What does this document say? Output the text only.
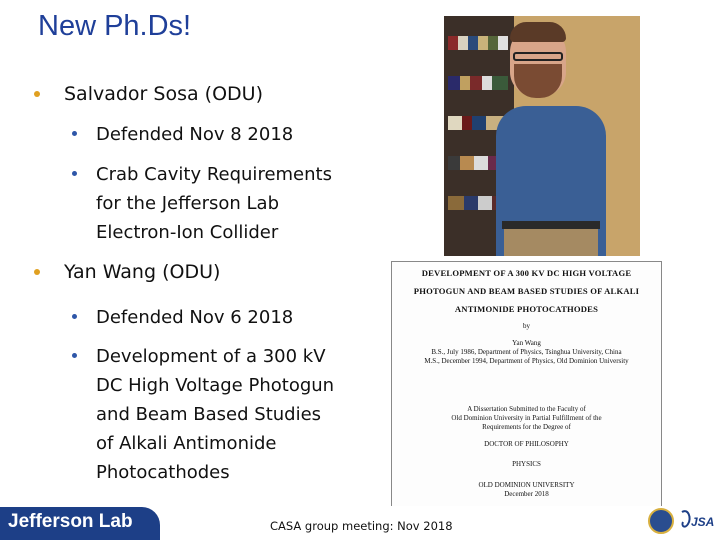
New Ph.Ds!
Salvador Sosa (ODU)
Defended Nov 8 2018
Crab Cavity Requirements
for the Jefferson Lab
Electron-Ion Collider
Yan Wang (ODU)
Defended Nov 6 2018
Development of a 300 kV
DC High Voltage Photogun
and Beam Based Studies
of Alkali Antimonide
Photocathodes
DEVELOPMENT OF A 300 KV DC HIGH VOLTAGE
PHOTOGUN AND BEAM BASED STUDIES OF ALKALI
ANTIMONIDE PHOTOCATHODES
by
Yan Wang
B.S., July 1986, Department of Physics, Tsinghua University, China
M.S., December 1994, Department of Physics, Old Dominion University
A Dissertation Submitted to the Faculty of
Old Dominion University in Partial Fulfillment of the
Requirements for the Degree of
DOCTOR OF PHILOSOPHY
PHYSICS
OLD DOMINION UNIVERSITY
December 2018
Jefferson Lab	CASA group meeting: Nov 2018	JSA
